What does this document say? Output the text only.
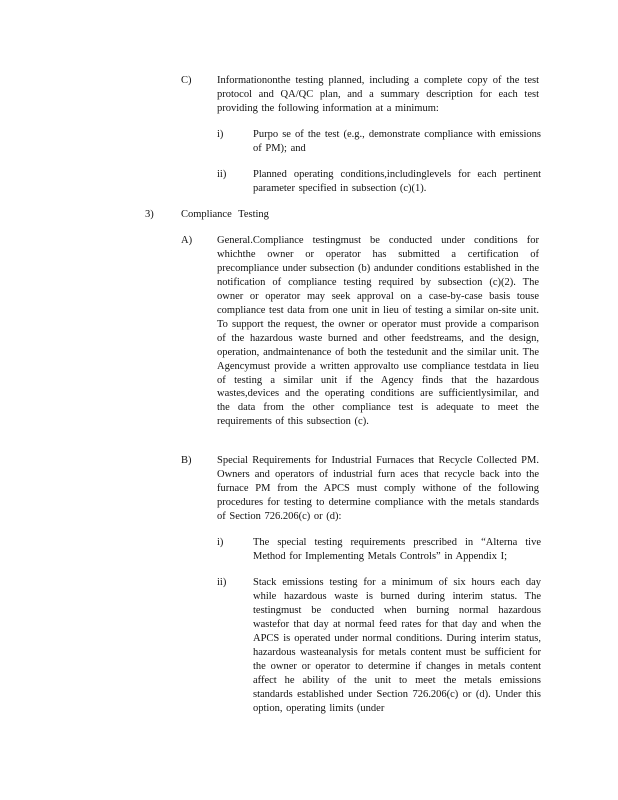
C) Informationonthe testing planned, including a complete copy of the test protocol and QA/QC plan, and a summary description for each test providing the following information at a minimum:
i)	Purpo se of the test (e.g., demonstrate compliance with emissions of PM); and
ii)	Planned operating conditions,includinglevels for each pertinent parameter specified in subsection (c)(1).
3)	Compliance Testing
A) General.Compliance testingmust be conducted under conditions for whichthe owner or operator has submitted a certification of precompliance under subsection (b) andunder conditions established in the notification of compliance testing required by subsection (c)(2). The owner or operator may seek approval on a case-by-case basis touse compliance test data from one unit in lieu of testing a similar on-site unit. To support the request, the owner or operator must provide a comparison of the hazardous waste burned and other feedstreams, and the design, operation, andmaintenance of both the testedunit and the similar unit. The Agencymust provide a written approvalto use compliance testdata in lieu of testing a similar unit if the Agency finds that the hazardous wastes,devices and the operating conditions are sufficientlysimilar, and the data from the other compliance test is adequate to meet the requirements of this subsection (c).
B) Special Requirements for Industrial Furnaces that Recycle Collected PM. Owners and operators of industrial furn aces that recycle back into the furnace PM from the APCS must comply withone of the following procedures for testing to determine compliance with the metals standards of Section 726.206(c) or (d):
i)	The special testing requirements prescribed in “Alterna tive Method for Implementing Metals Controls” in Appendix I;
ii)	Stack emissions testing for a minimum of six hours each day while hazardous waste is burned during interim status. The testingmust be conducted when burning normal hazardous wastefor that day at normal feed rates for that day and when the APCS is operated under normal conditions. During interim status, hazardous wasteanalysis for metals content must be sufficient for the owner or operator to determine if changes in metals content affect he ability of the unit to meet the metals emissions standards established under Section 726.206(c) or (d). Under this option, operating limits (under
